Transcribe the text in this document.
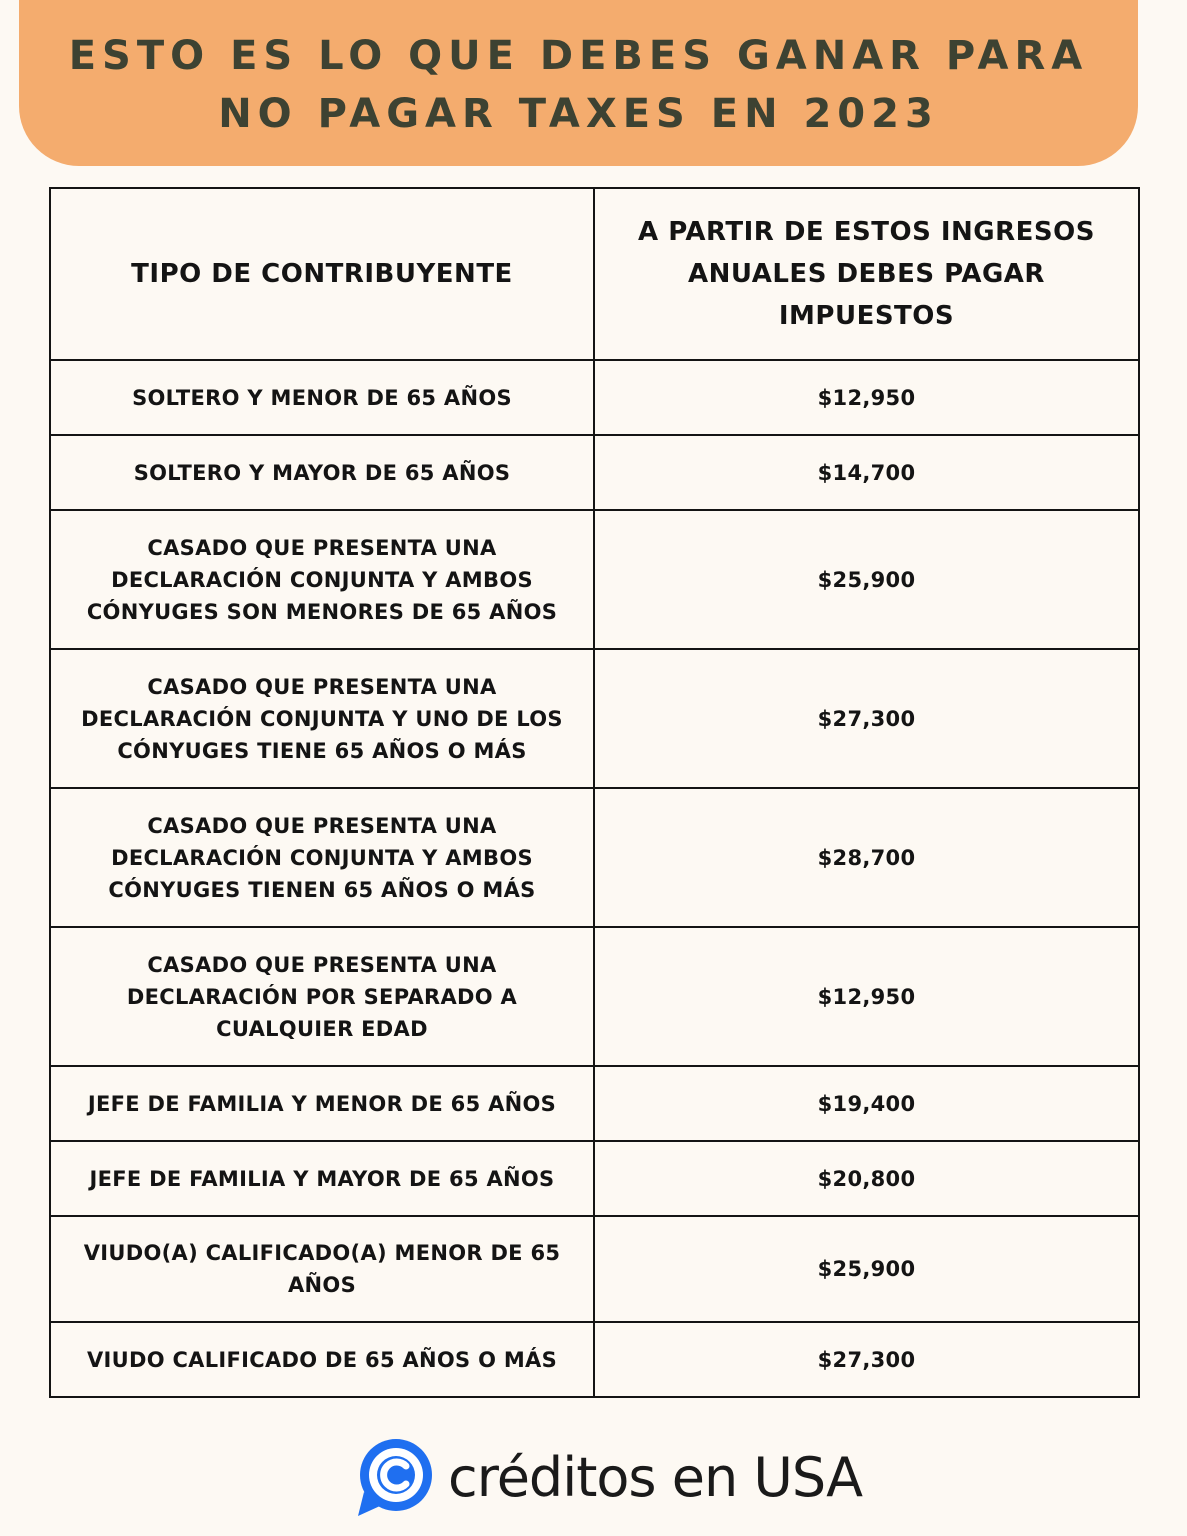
ESTO ES LO QUE DEBES GANAR PARA
NO PAGAR TAXES EN 2023
TIPO DE CONTRIBUYENTE	A PARTIR DE ESTOS INGRESOS ANUALES DEBES PAGAR IMPUESTOS
SOLTERO Y MENOR DE 65 AÑOS	$12,950
SOLTERO Y MAYOR DE 65 AÑOS	$14,700
CASADO QUE PRESENTA UNA DECLARACIÓN CONJUNTA Y AMBOS CÓNYUGES SON MENORES DE 65 AÑOS	$25,900
CASADO QUE PRESENTA UNA DECLARACIÓN CONJUNTA Y UNO DE LOS CÓNYUGES TIENE 65 AÑOS O MÁS	$27,300
CASADO QUE PRESENTA UNA DECLARACIÓN CONJUNTA Y AMBOS CÓNYUGES TIENEN 65 AÑOS O MÁS	$28,700
CASADO QUE PRESENTA UNA DECLARACIÓN POR SEPARADO A CUALQUIER EDAD	$12,950
JEFE DE FAMILIA Y MENOR DE 65 AÑOS	$19,400
JEFE DE FAMILIA Y MAYOR DE 65 AÑOS	$20,800
VIUDO(A) CALIFICADO(A) MENOR DE 65 AÑOS	$25,900
VIUDO CALIFICADO DE 65 AÑOS O MÁS	$27,300
créditos en USA
